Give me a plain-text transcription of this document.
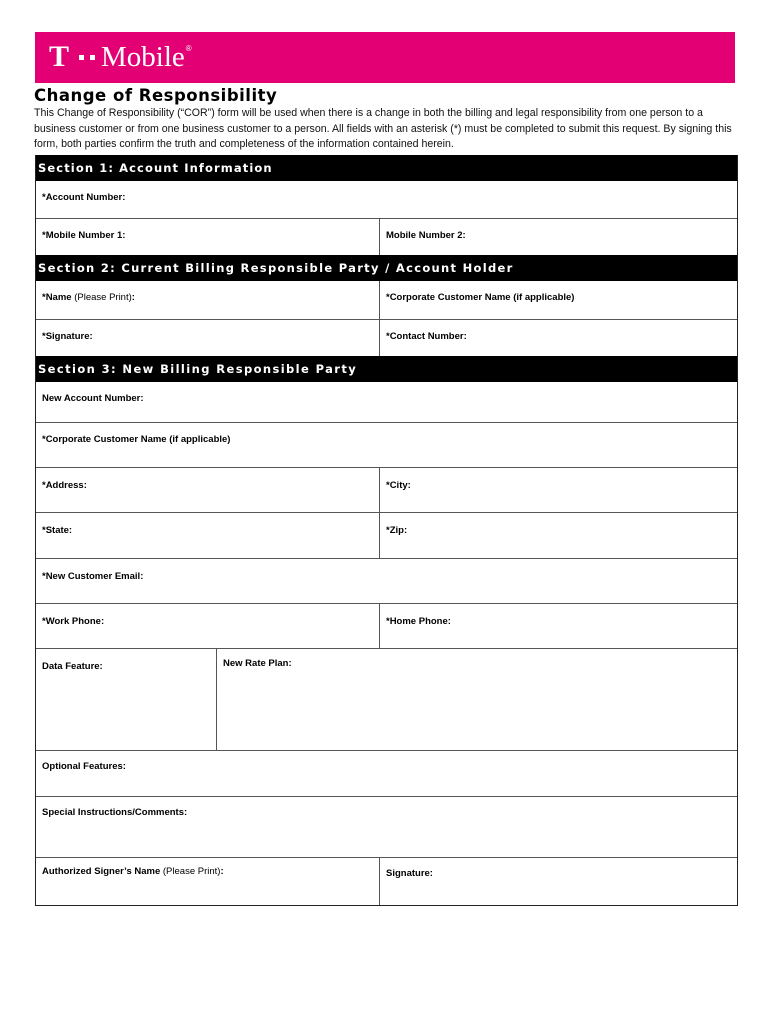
T Mobile ®
Change of Responsibility
This Change of Responsibility (“COR”) form will be used when there is a change in both the billing and legal responsibility from one person to a business customer or from one business customer to a person. All fields with an asterisk (*) must be completed to submit this request. By signing this form, both parties confirm the truth and completeness of the information contained herein.
Section 1: Account Information
*Account Number:
*Mobile Number 1:	Mobile Number 2:
Section 2: Current Billing Responsible Party / Account Holder
*Name (Please Print):	*Corporate Customer Name (if applicable)
*Signature:	*Contact Number:
Section 3: New Billing Responsible Party
New Account Number:
*Corporate Customer Name (if applicable)
*Address:	*City:
*State:	*Zip:
*New Customer Email:
*Work Phone:	*Home Phone:
Data Feature:	New Rate Plan:
Optional Features:
Special Instructions/Comments:
Authorized Signer’s Name (Please Print):	Signature:
